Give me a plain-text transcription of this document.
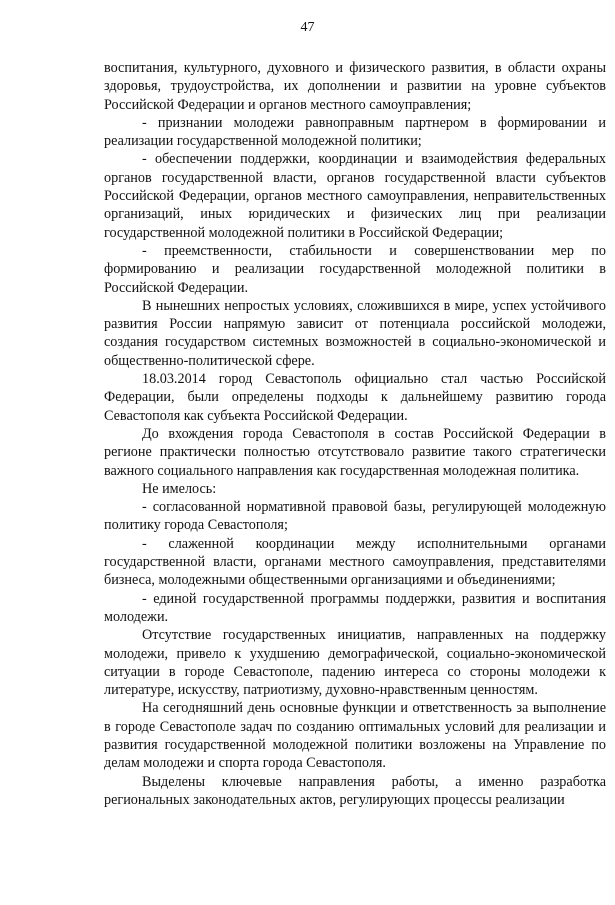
47

воспитания, культурного, духовного и физического развития, в области охраны здоровья, трудоустройства, их дополнении и развитии на уровне субъектов Российской Федерации и органов местного самоуправления;

- признании молодежи равноправным партнером в формировании и реализации государственной молодежной политики;

- обеспечении поддержки, координации и взаимодействия федеральных органов государственной власти, органов государственной власти субъектов Российской Федерации, органов местного самоуправления, неправительственных организаций, иных юридических и физических лиц при реализации государственной молодежной политики в Российской Федерации;

- преемственности, стабильности и совершенствовании мер по формированию и реализации государственной молодежной политики в Российской Федерации.

В нынешних непростых условиях, сложившихся в мире, успех устойчивого развития России напрямую зависит от потенциала российской молодежи, создания государством системных возможностей в социально-экономической и общественно-политической сфере.

18.03.2014 город Севастополь официально стал частью Российской Федерации, были определены подходы к дальнейшему развитию города Севастополя как субъекта Российской Федерации.

До вхождения города Севастополя в состав Российской Федерации в регионе практически полностью отсутствовало развитие такого стратегически важного социального направления как государственная молодежная политика.

Не имелось:

- согласованной нормативной правовой базы, регулирующей молодежную политику города Севастополя;

- слаженной координации между исполнительными органами государственной власти, органами местного самоуправления, представителями бизнеса, молодежными общественными организациями и объединениями;

- единой государственной программы поддержки, развития и воспитания молодежи.

Отсутствие государственных инициатив, направленных на поддержку молодежи, привело к ухудшению демографической, социально-экономической ситуации в городе Севастополе, падению интереса со стороны молодежи к литературе, искусству, патриотизму, духовно-нравственным ценностям.

На сегодняшний день основные функции и ответственность за выполнение в городе Севастополе задач по созданию оптимальных условий для реализации и развития государственной молодежной политики возложены на Управление по делам молодежи и спорта города Севастополя.

Выделены ключевые направления работы, а именно разработка региональных законодательных актов, регулирующих процессы реализации
